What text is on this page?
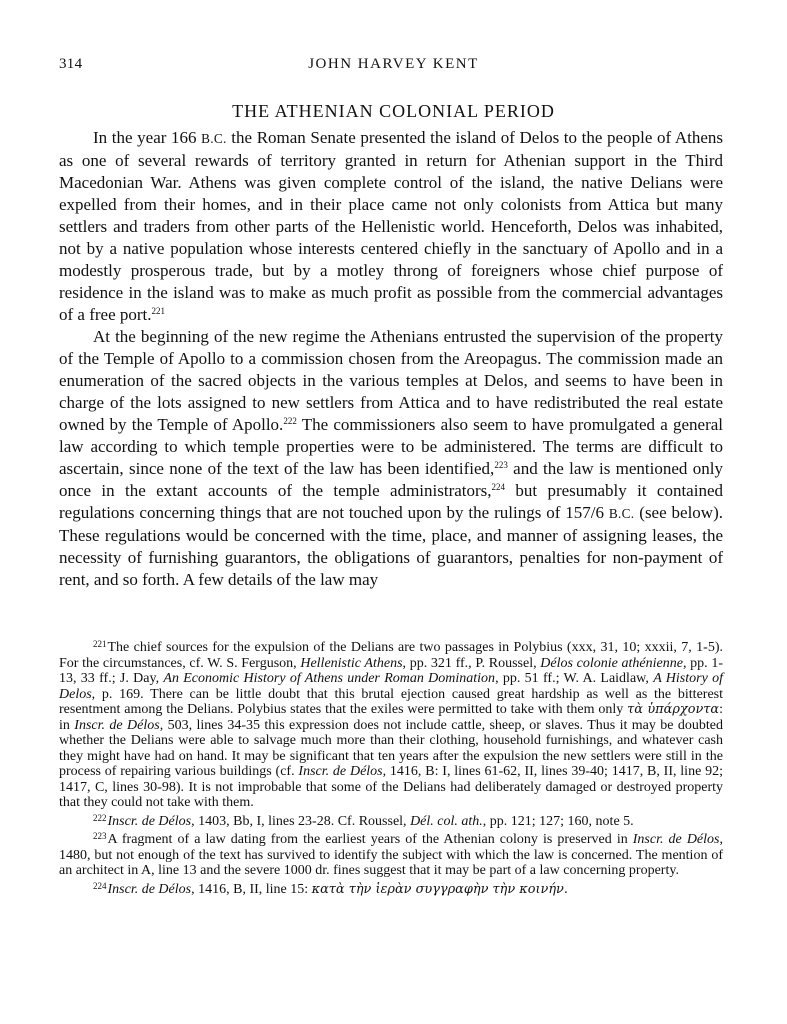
314	JOHN HARVEY KENT
THE ATHENIAN COLONIAL PERIOD

In the year 166 B.C. the Roman Senate presented the island of Delos to the people of Athens as one of several rewards of territory granted in return for Athenian support in the Third Macedonian War. Athens was given complete control of the island, the native Delians were expelled from their homes, and in their place came not only colonists from Attica but many settlers and traders from other parts of the Hellenistic world. Henceforth, Delos was inhabited, not by a native population whose interests centered chiefly in the sanctuary of Apollo and in a modestly prosperous trade, but by a motley throng of foreigners whose chief purpose of residence in the island was to make as much profit as possible from the commercial advantages of a free port.$^{221}$

At the beginning of the new regime the Athenians entrusted the supervision of the property of the Temple of Apollo to a commission chosen from the Areopagus. The commission made an enumeration of the sacred objects in the various temples at Delos, and seems to have been in charge of the lots assigned to new settlers from Attica and to have redistributed the real estate owned by the Temple of Apollo.$^{222}$ The commissioners also seem to have promulgated a general law according to which temple properties were to be administered. The terms are difficult to ascertain, since none of the text of the law has been identified,$^{223}$ and the law is mentioned only once in the extant accounts of the temple administrators,$^{224}$ but presumably it contained regulations concerning things that are not touched upon by the rulings of 157/6 B.C. (see below). These regulations would be concerned with the time, place, and manner of assigning leases, the necessity of furnishing guarantors, the obligations of guarantors, penalties for non-payment of rent, and so forth. A few details of the law may

$^{221}$The chief sources for the expulsion of the Delians are two passages in Polybius (xxx, 31, 10; xxxii, 7, 1-5). For the circumstances, cf. W. S. Ferguson, Hellenistic Athens, pp. 321 ff., P. Roussel, Délos colonie athénienne, pp. 1-13, 33 ff.; J. Day, An Economic History of Athens under Roman Domination, pp. 51 ff.; W. A. Laidlaw, A History of Delos, p. 169. There can be little doubt that this brutal ejection caused great hardship as well as the bitterest resentment among the Delians. Polybius states that the exiles were permitted to take with them only τὰ ὑπάρχοντα: in Inscr. de Délos, 503, lines 34-35 this expression does not include cattle, sheep, or slaves. Thus it may be doubted whether the Delians were able to salvage much more than their clothing, household furnishings, and whatever cash they might have had on hand. It may be significant that ten years after the expulsion the new settlers were still in the process of repairing various buildings (cf. Inscr. de Délos, 1416, B: I, lines 61-62, II, lines 39-40; 1417, B, II, line 92; 1417, C, lines 30-98). It is not improbable that some of the Delians had deliberately damaged or destroyed property that they could not take with them.

$^{222}$Inscr. de Délos, 1403, Bb, I, lines 23-28. Cf. Roussel, Dél. col. ath., pp. 121; 127; 160, note 5.

$^{223}$A fragment of a law dating from the earliest years of the Athenian colony is preserved in Inscr. de Délos, 1480, but not enough of the text has survived to identify the subject with which the law is concerned. The mention of an architect in A, line 13 and the severe 1000 dr. fines suggest that it may be part of a law concerning property.

$^{224}$Inscr. de Délos, 1416, B, II, line 15: κατὰ τὴν ἱερὰν συγγραφὴν τὴν κοινήν.
